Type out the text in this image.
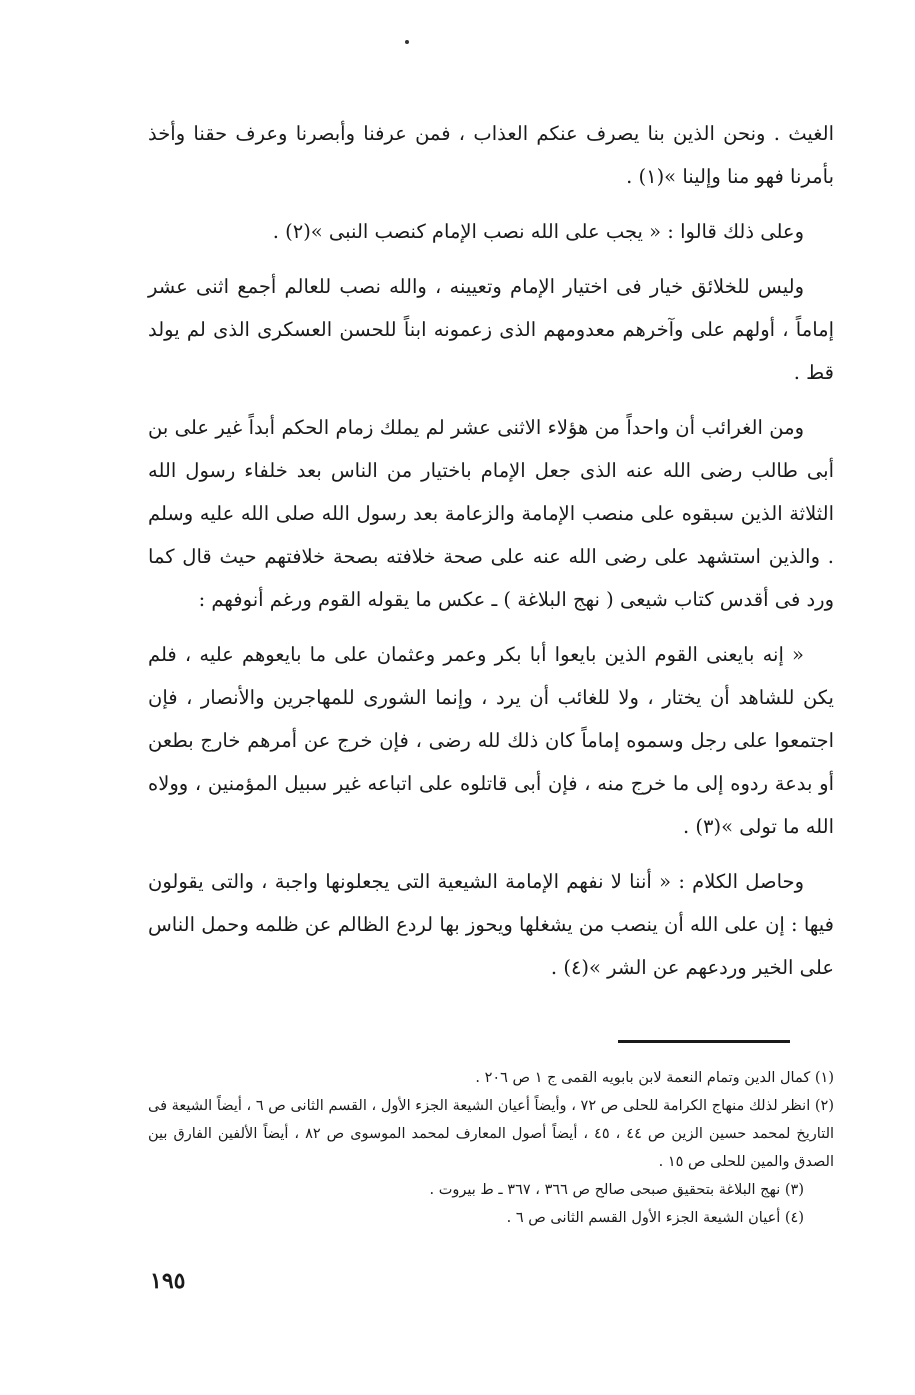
الغيث . ونحن الذين بنا يصرف عنكم العذاب ، فمن عرفنا وأبصرنا وعرف حقنا وأخذ بأمرنا فهو منا وإلينا »(١) .

وعلى ذلك قالوا : « يجب على الله نصب الإمام كنصب النبى »(٢) .

وليس للخلائق خيار فى اختيار الإمام وتعيينه ، والله نصب للعالم أجمع اثنى عشر إماماً ، أولهم على وآخرهم معدومهم الذى زعمونه ابناً للحسن العسكرى الذى لم يولد قط .

ومن الغرائب أن واحداً من هؤلاء الاثنى عشر لم يملك زمام الحكم أبداً غير على بن أبى طالب رضى الله عنه الذى جعل الإمام باختيار من الناس بعد خلفاء رسول الله الثلاثة الذين سبقوه على منصب الإمامة والزعامة بعد رسول الله صلى الله عليه وسلم . والذين استشهد على رضى الله عنه على صحة خلافته بصحة خلافتهم حيث قال كما ورد فى أقدس كتاب شيعى ( نهج البلاغة ) ـ عكس ما يقوله القوم ورغم أنوفهم :

« إنه بايعنى القوم الذين بايعوا أبا بكر وعمر وعثمان على ما بايعوهم عليه ، فلم يكن للشاهد أن يختار ، ولا للغائب أن يرد ، وإنما الشورى للمهاجرين والأنصار ، فإن اجتمعوا على رجل وسموه إماماً كان ذلك لله رضى ، فإن خرج عن أمرهم خارج بطعن أو بدعة ردوه إلى ما خرج منه ، فإن أبى قاتلوه على اتباعه غير سبيل المؤمنين ، وولاه الله ما تولى »(٣) .

وحاصل الكلام : « أننا لا نفهم الإمامة الشيعية التى يجعلونها واجبة ، والتى يقولون فيها : إن على الله أن ينصب من يشغلها ويحوز بها لردع الظالم عن ظلمه وحمل الناس على الخير وردعهم عن الشر »(٤) .

(١) كمال الدين وتمام النعمة لابن بابويه القمى ج ١ ص ٢٠٦ .

(٢) انظر لذلك منهاج الكرامة للحلى ص ٧٢ ، وأيضاً أعيان الشيعة الجزء الأول ، القسم الثانى ص ٦ ، أيضاً الشيعة فى التاريخ لمحمد حسين الزين ص ٤٤ ، ٤٥ ، أيضاً أصول المعارف لمحمد الموسوى ص ٨٢ ، أيضاً الألفين الفارق بين الصدق والمين للحلى ص ١٥ .

(٣) نهج البلاغة بتحقيق صبحى صالح ص ٣٦٦ ، ٣٦٧ ـ ط بيروت .

(٤) أعيان الشيعة الجزء الأول القسم الثانى ص ٦ .

١٩٥
